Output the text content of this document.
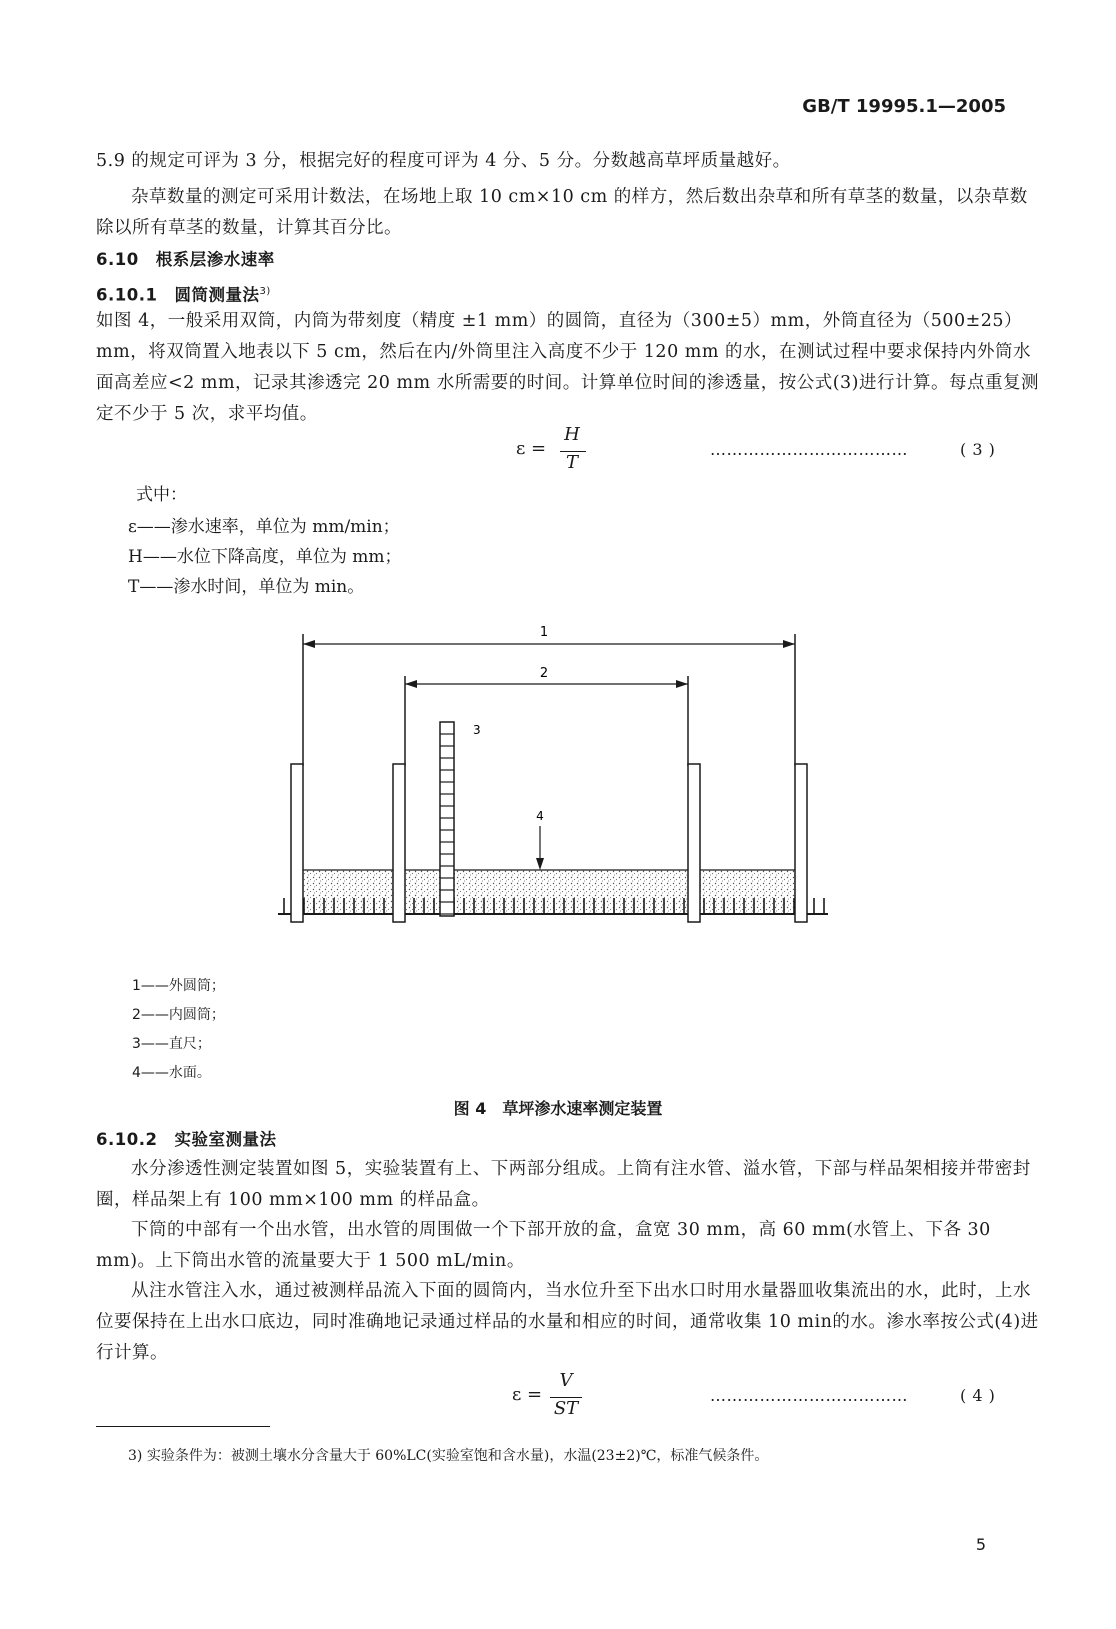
GB/T 19995.1—2005
5.9 的规定可评为 3 分，根据完好的程度可评为 4 分、5 分。分数越高草坪质量越好。
杂草数量的测定可采用计数法，在场地上取 10 cm×10 cm 的样方，然后数出杂草和所有草茎的数量，以杂草数除以所有草茎的数量，计算其百分比。
6.10　根系层渗水速率
6.10.1　圆筒测量法$^{3)}$
如图 4，一般采用双筒，内筒为带刻度（精度 ±1 mm）的圆筒，直径为（300±5）mm，外筒直径为（500±25）mm，将双筒置入地表以下 5 cm，然后在内/外筒里注入高度不少于 120 mm 的水，在测试过程中要求保持内外筒水面高差应<2 mm，记录其渗透完 20 mm 水所需要的时间。计算单位时间的渗透量，按公式(3)进行计算。每点重复测定不少于 5 次，求平均值。
ε =
H
T
………………………………	( 3 )
式中：
ε——渗水速率，单位为 mm/min；
H——水位下降高度，单位为 mm；
T——渗水时间，单位为 min。
1
2
3
4
1——外圆筒；
2——内圆筒；
3——直尺；
4——水面。
图 4　草坪渗水速率测定装置
6.10.2　实验室测量法
水分渗透性测定装置如图 5，实验装置有上、下两部分组成。上筒有注水管、溢水管，下部与样品架相接并带密封圈，样品架上有 100 mm×100 mm 的样品盒。
下筒的中部有一个出水管，出水管的周围做一个下部开放的盒，盒宽 30 mm，高 60 mm(水管上、下各 30 mm)。上下筒出水管的流量要大于 1 500 mL/min。
从注水管注入水，通过被测样品流入下面的圆筒内，当水位升至下出水口时用水量器皿收集流出的水，此时，上水位要保持在上出水口底边，同时准确地记录通过样品的水量和相应的时间，通常收集 10 min的水。渗水率按公式(4)进行计算。
ε =
V
ST
………………………………	( 4 )
3) 实验条件为：被测土壤水分含量大于 60%LC(实验室饱和含水量)，水温(23±2)℃，标准气候条件。
5
